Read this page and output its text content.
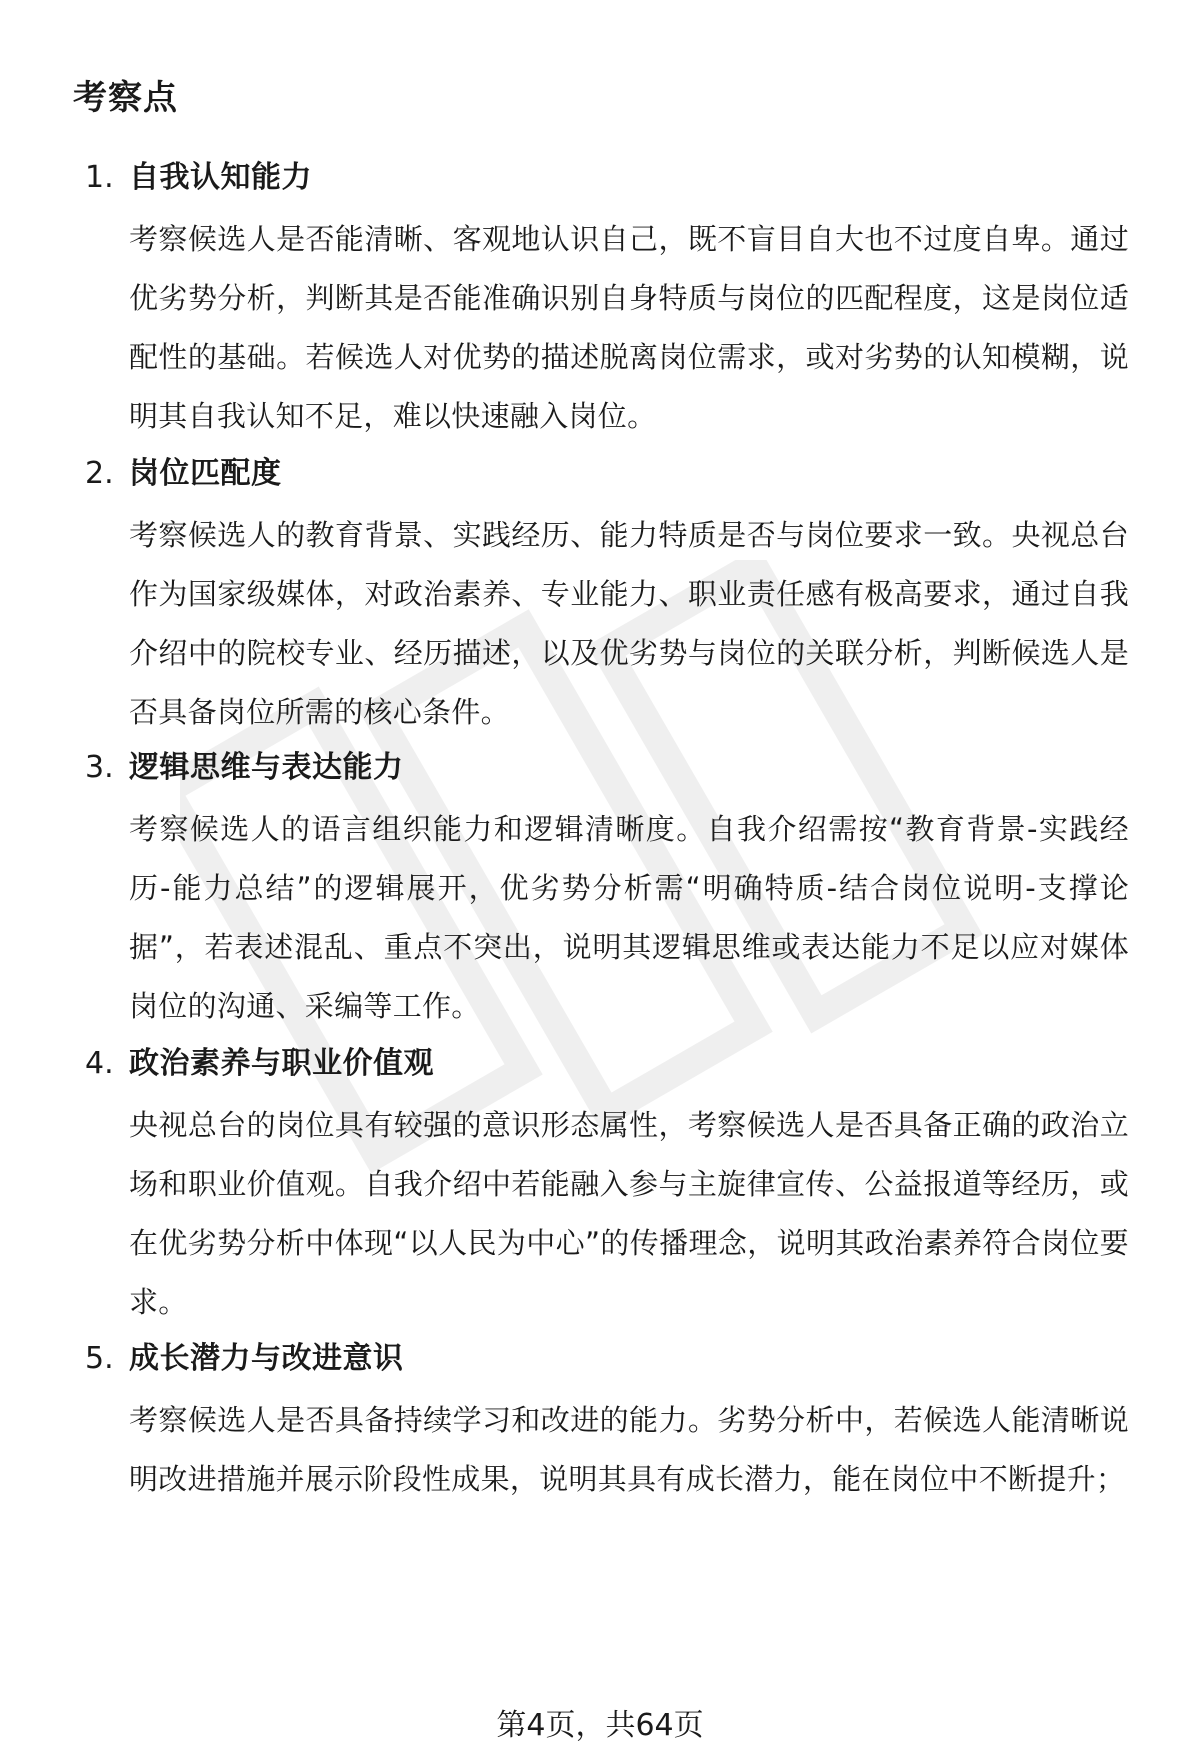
考察点
1. 自我认知能力
考察候选人是否能清晰、客观地认识自己，既不盲目自大也不过度自卑。通过优劣势分析，判断其是否能准确识别自身特质与岗位的匹配程度，这是岗位适配性的基础。若候选人对优势的描述脱离岗位需求，或对劣势的认知模糊，说明其自我认知不足，难以快速融入岗位。
2. 岗位匹配度
考察候选人的教育背景、实践经历、能力特质是否与岗位要求一致。央视总台作为国家级媒体，对政治素养、专业能力、职业责任感有极高要求，通过自我介绍中的院校专业、经历描述，以及优劣势与岗位的关联分析，判断候选人是否具备岗位所需的核心条件。
3. 逻辑思维与表达能力
考察候选人的语言组织能力和逻辑清晰度。自我介绍需按“教育背景-实践经历-能力总结”的逻辑展开，优劣势分析需“明确特质-结合岗位说明-支撑论据”，若表述混乱、重点不突出，说明其逻辑思维或表达能力不足以应对媒体岗位的沟通、采编等工作。
4. 政治素养与职业价值观
央视总台的岗位具有较强的意识形态属性，考察候选人是否具备正确的政治立场和职业价值观。自我介绍中若能融入参与主旋律宣传、公益报道等经历，或在优劣势分析中体现“以人民为中心”的传播理念，说明其政治素养符合岗位要求。
5. 成长潜力与改进意识
考察候选人是否具备持续学习和改进的能力。劣势分析中，若候选人能清晰说明改进措施并展示阶段性成果，说明其具有成长潜力，能在岗位中不断提升；
第4页，共64页
